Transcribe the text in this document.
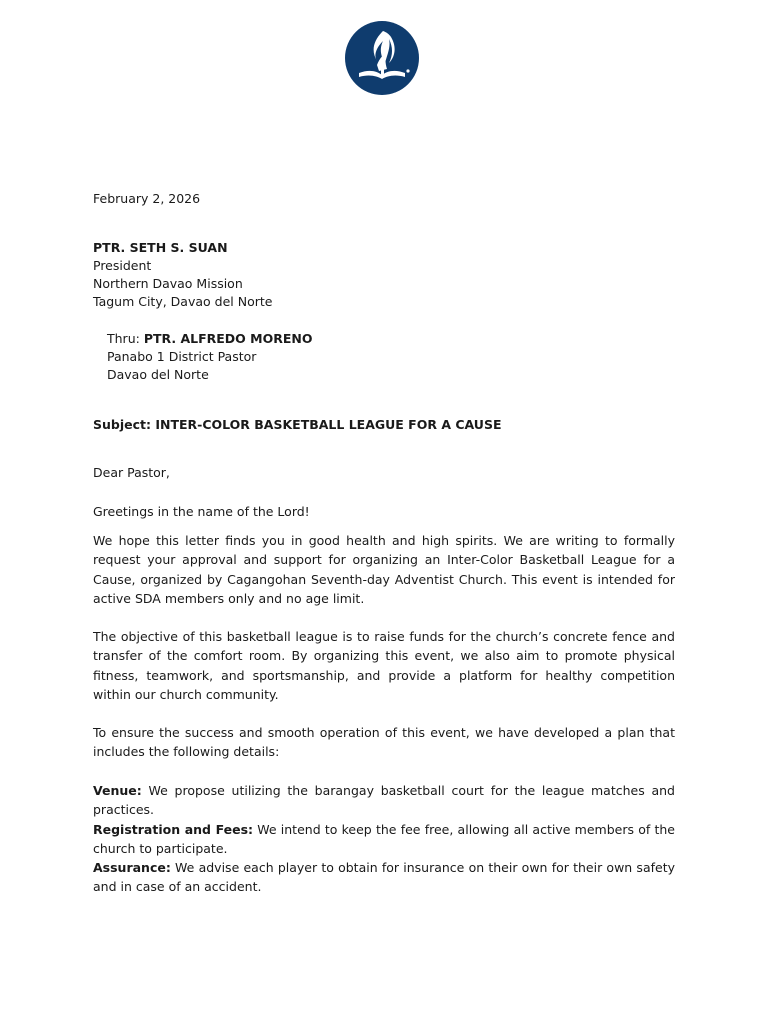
February 2, 2026
PTR. SETH S. SUAN
President
Northern Davao Mission
Tagum City, Davao del Norte
Thru: PTR. ALFREDO MORENO
Panabo 1 District Pastor
Davao del Norte
Subject: INTER-COLOR BASKETBALL LEAGUE FOR A CAUSE
Dear Pastor,
Greetings in the name of the Lord!
We hope this letter finds you in good health and high spirits. We are writing to formally request your approval and support for organizing an Inter-Color Basketball League for a Cause, organized by Cagangohan Seventh-day Adventist Church. This event is intended for active SDA members only and no age limit.
The objective of this basketball league is to raise funds for the church’s concrete fence and transfer of the comfort room. By organizing this event, we also aim to promote physical fitness, teamwork, and sportsmanship, and provide a platform for healthy competition within our church community.
To ensure the success and smooth operation of this event, we have developed a plan that includes the following details:
Venue: We propose utilizing the barangay basketball court for the league matches and practices.
Registration and Fees: We intend to keep the fee free, allowing all active members of the church to participate.
Assurance: We advise each player to obtain for insurance on their own for their own safety and in case of an accident.
